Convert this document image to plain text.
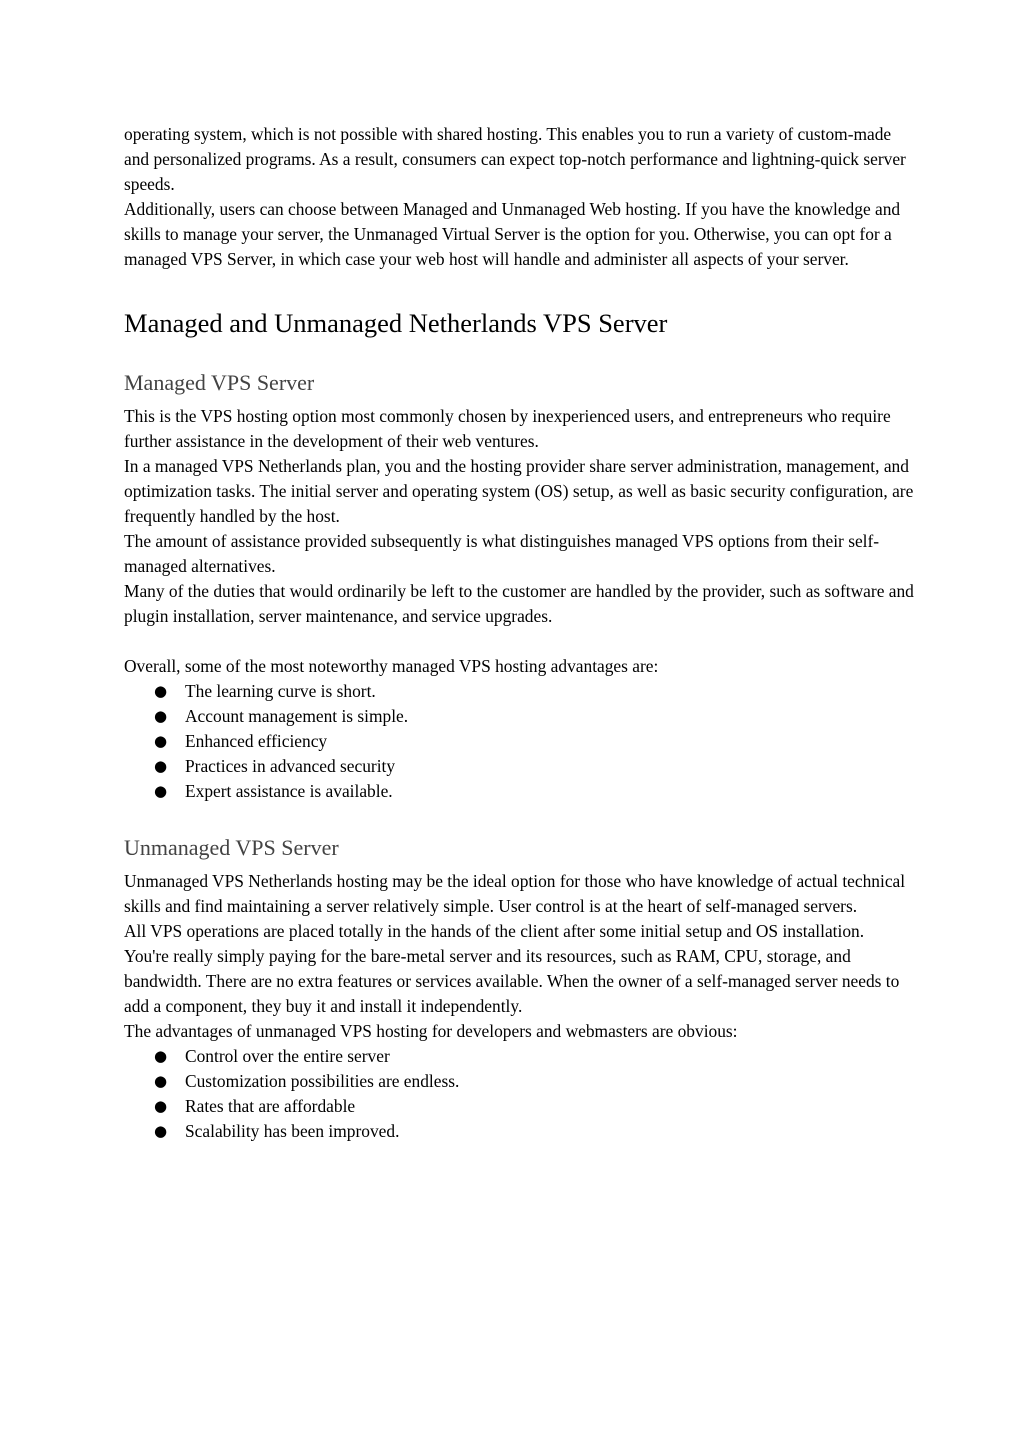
operating system, which is not possible with shared hosting. This enables you to run a variety of custom-made and personalized programs. As a result, consumers can expect top-notch performance and lightning-quick server speeds.

Additionally, users can choose between Managed and Unmanaged Web hosting. If you have the knowledge and skills to manage your server, the Unmanaged Virtual Server is the option for you. Otherwise, you can opt for a managed VPS Server, in which case your web host will handle and administer all aspects of your server.

Managed and Unmanaged Netherlands VPS Server
Managed VPS Server

This is the VPS hosting option most commonly chosen by inexperienced users, and entrepreneurs who require further assistance in the development of their web ventures.

In a managed VPS Netherlands plan, you and the hosting provider share server administration, management, and optimization tasks. The initial server and operating system (OS) setup, as well as basic security configuration, are frequently handled by the host.

The amount of assistance provided subsequently is what distinguishes managed VPS options from their self-managed alternatives.

Many of the duties that would ordinarily be left to the customer are handled by the provider, such as software and plugin installation, server maintenance, and service upgrades.

Overall, some of the most noteworthy managed VPS hosting advantages are:

● The learning curve is short.
● Account management is simple.
● Enhanced efficiency
● Practices in advanced security
● Expert assistance is available.
Unmanaged VPS Server

Unmanaged VPS Netherlands hosting may be the ideal option for those who have knowledge of actual technical skills and find maintaining a server relatively simple. User control is at the heart of self-managed servers.

All VPS operations are placed totally in the hands of the client after some initial setup and OS installation.

You're really simply paying for the bare-metal server and its resources, such as RAM, CPU, storage, and bandwidth. There are no extra features or services available. When the owner of a self-managed server needs to add a component, they buy it and install it independently.

The advantages of unmanaged VPS hosting for developers and webmasters are obvious:

● Control over the entire server
● Customization possibilities are endless.
● Rates that are affordable
● Scalability has been improved.
